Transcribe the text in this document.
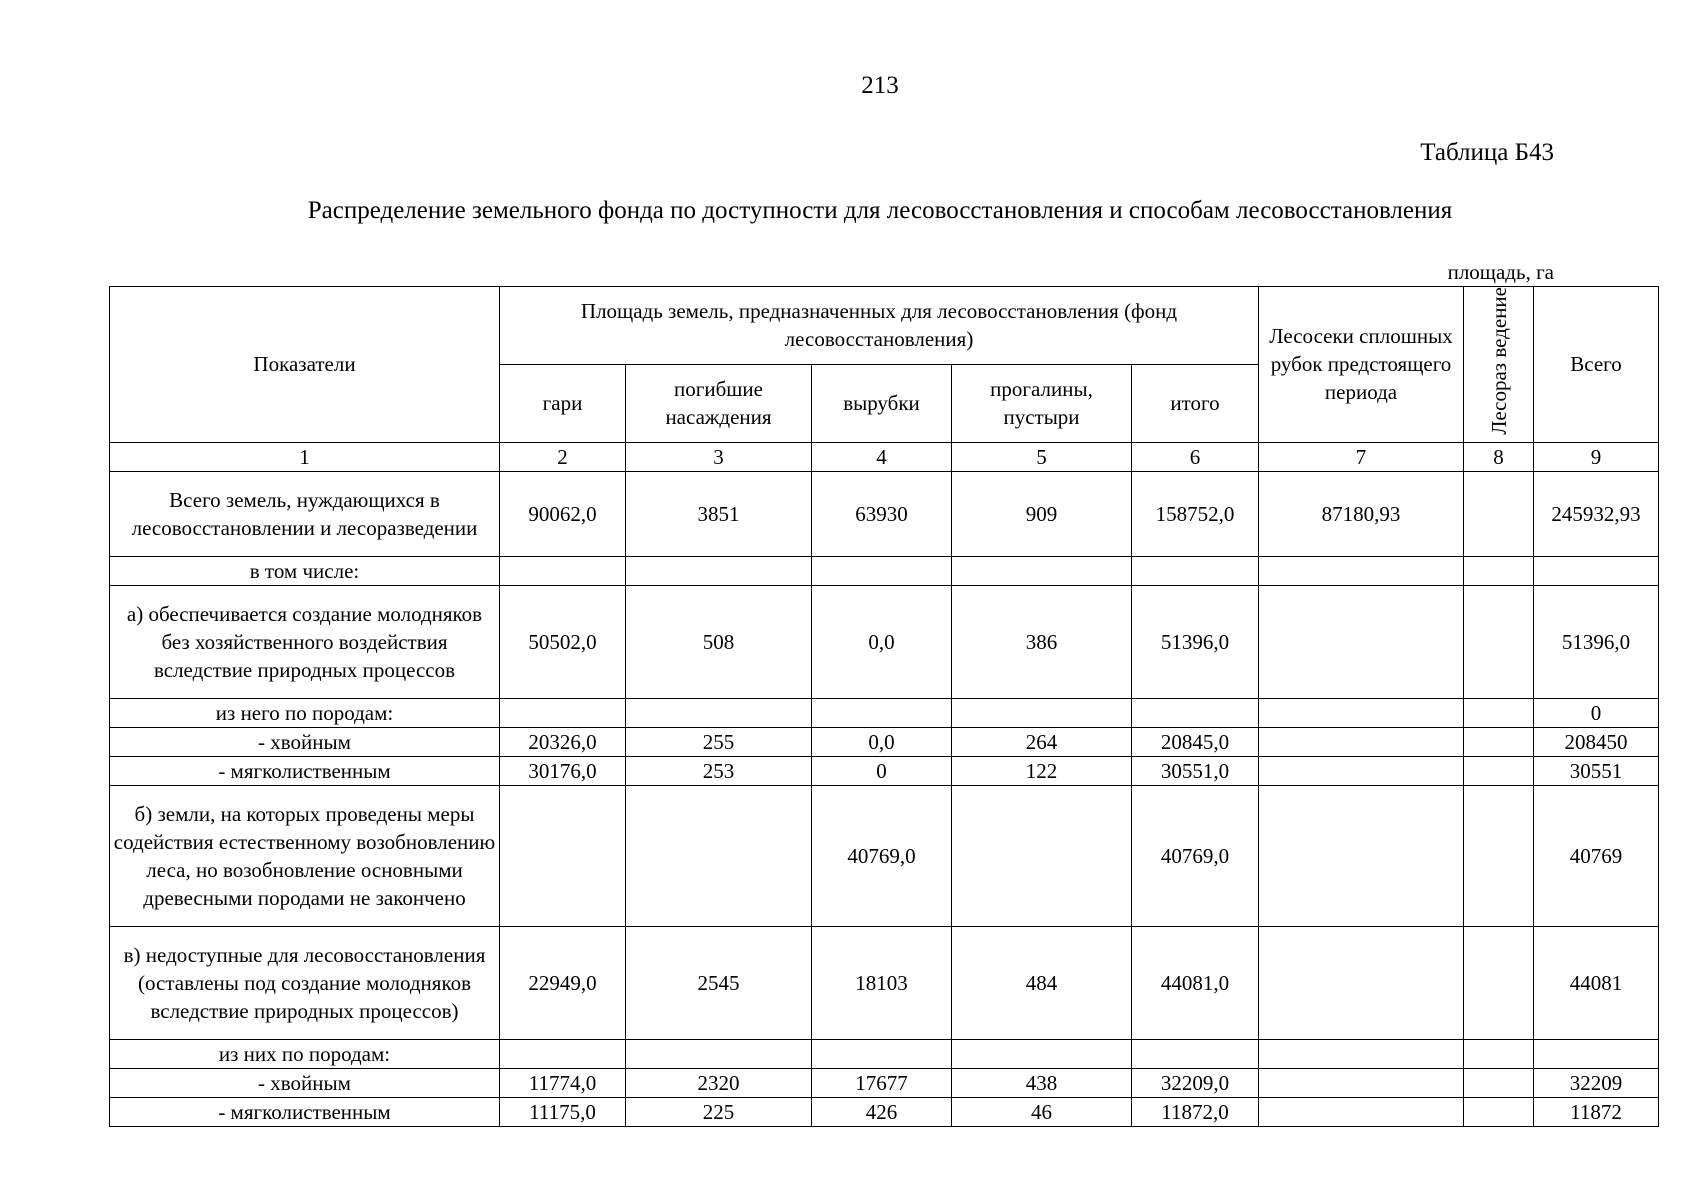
213
Таблица Б43
Распределение земельного фонда по доступности для лесовосстановления и способам лесовосстановления
площадь, га
Показатели	Площадь земель, предназначенных для лесовосстановления (фонд лесовосстановления)					Лесосеки сплошных рубок предстоящего периода	Лесораз ведение	Всего
	гари	погибшие насаждения	вырубки	прогалины, пустыри	итого			
1	2	3	4	5	6	7	8	9
Всего земель, нуждающихся в лесовосстановлении и лесоразведении	90062,0	3851	63930	909	158752,0	87180,93		245932,93
в том числе:								
а) обеспечивается создание молодняков без хозяйственного воздействия вследствие природных процессов	50502,0	508	0,0	386	51396,0			51396,0
из него по породам:								0
- хвойным	20326,0	255	0,0	264	20845,0			208450
- мягколиственным	30176,0	253	0	122	30551,0			30551
б) земли, на которых проведены меры содействия естественному возобновлению леса, но возобновление основными древесными породами не закончено			40769,0		40769,0			40769
в) недоступные для лесовосстановления (оставлены под создание молодняков вследствие природных процессов)	22949,0	2545	18103	484	44081,0			44081
из них по породам:								
- хвойным	11774,0	2320	17677	438	32209,0			32209
- мягколиственным	11175,0	225	426	46	11872,0			11872
